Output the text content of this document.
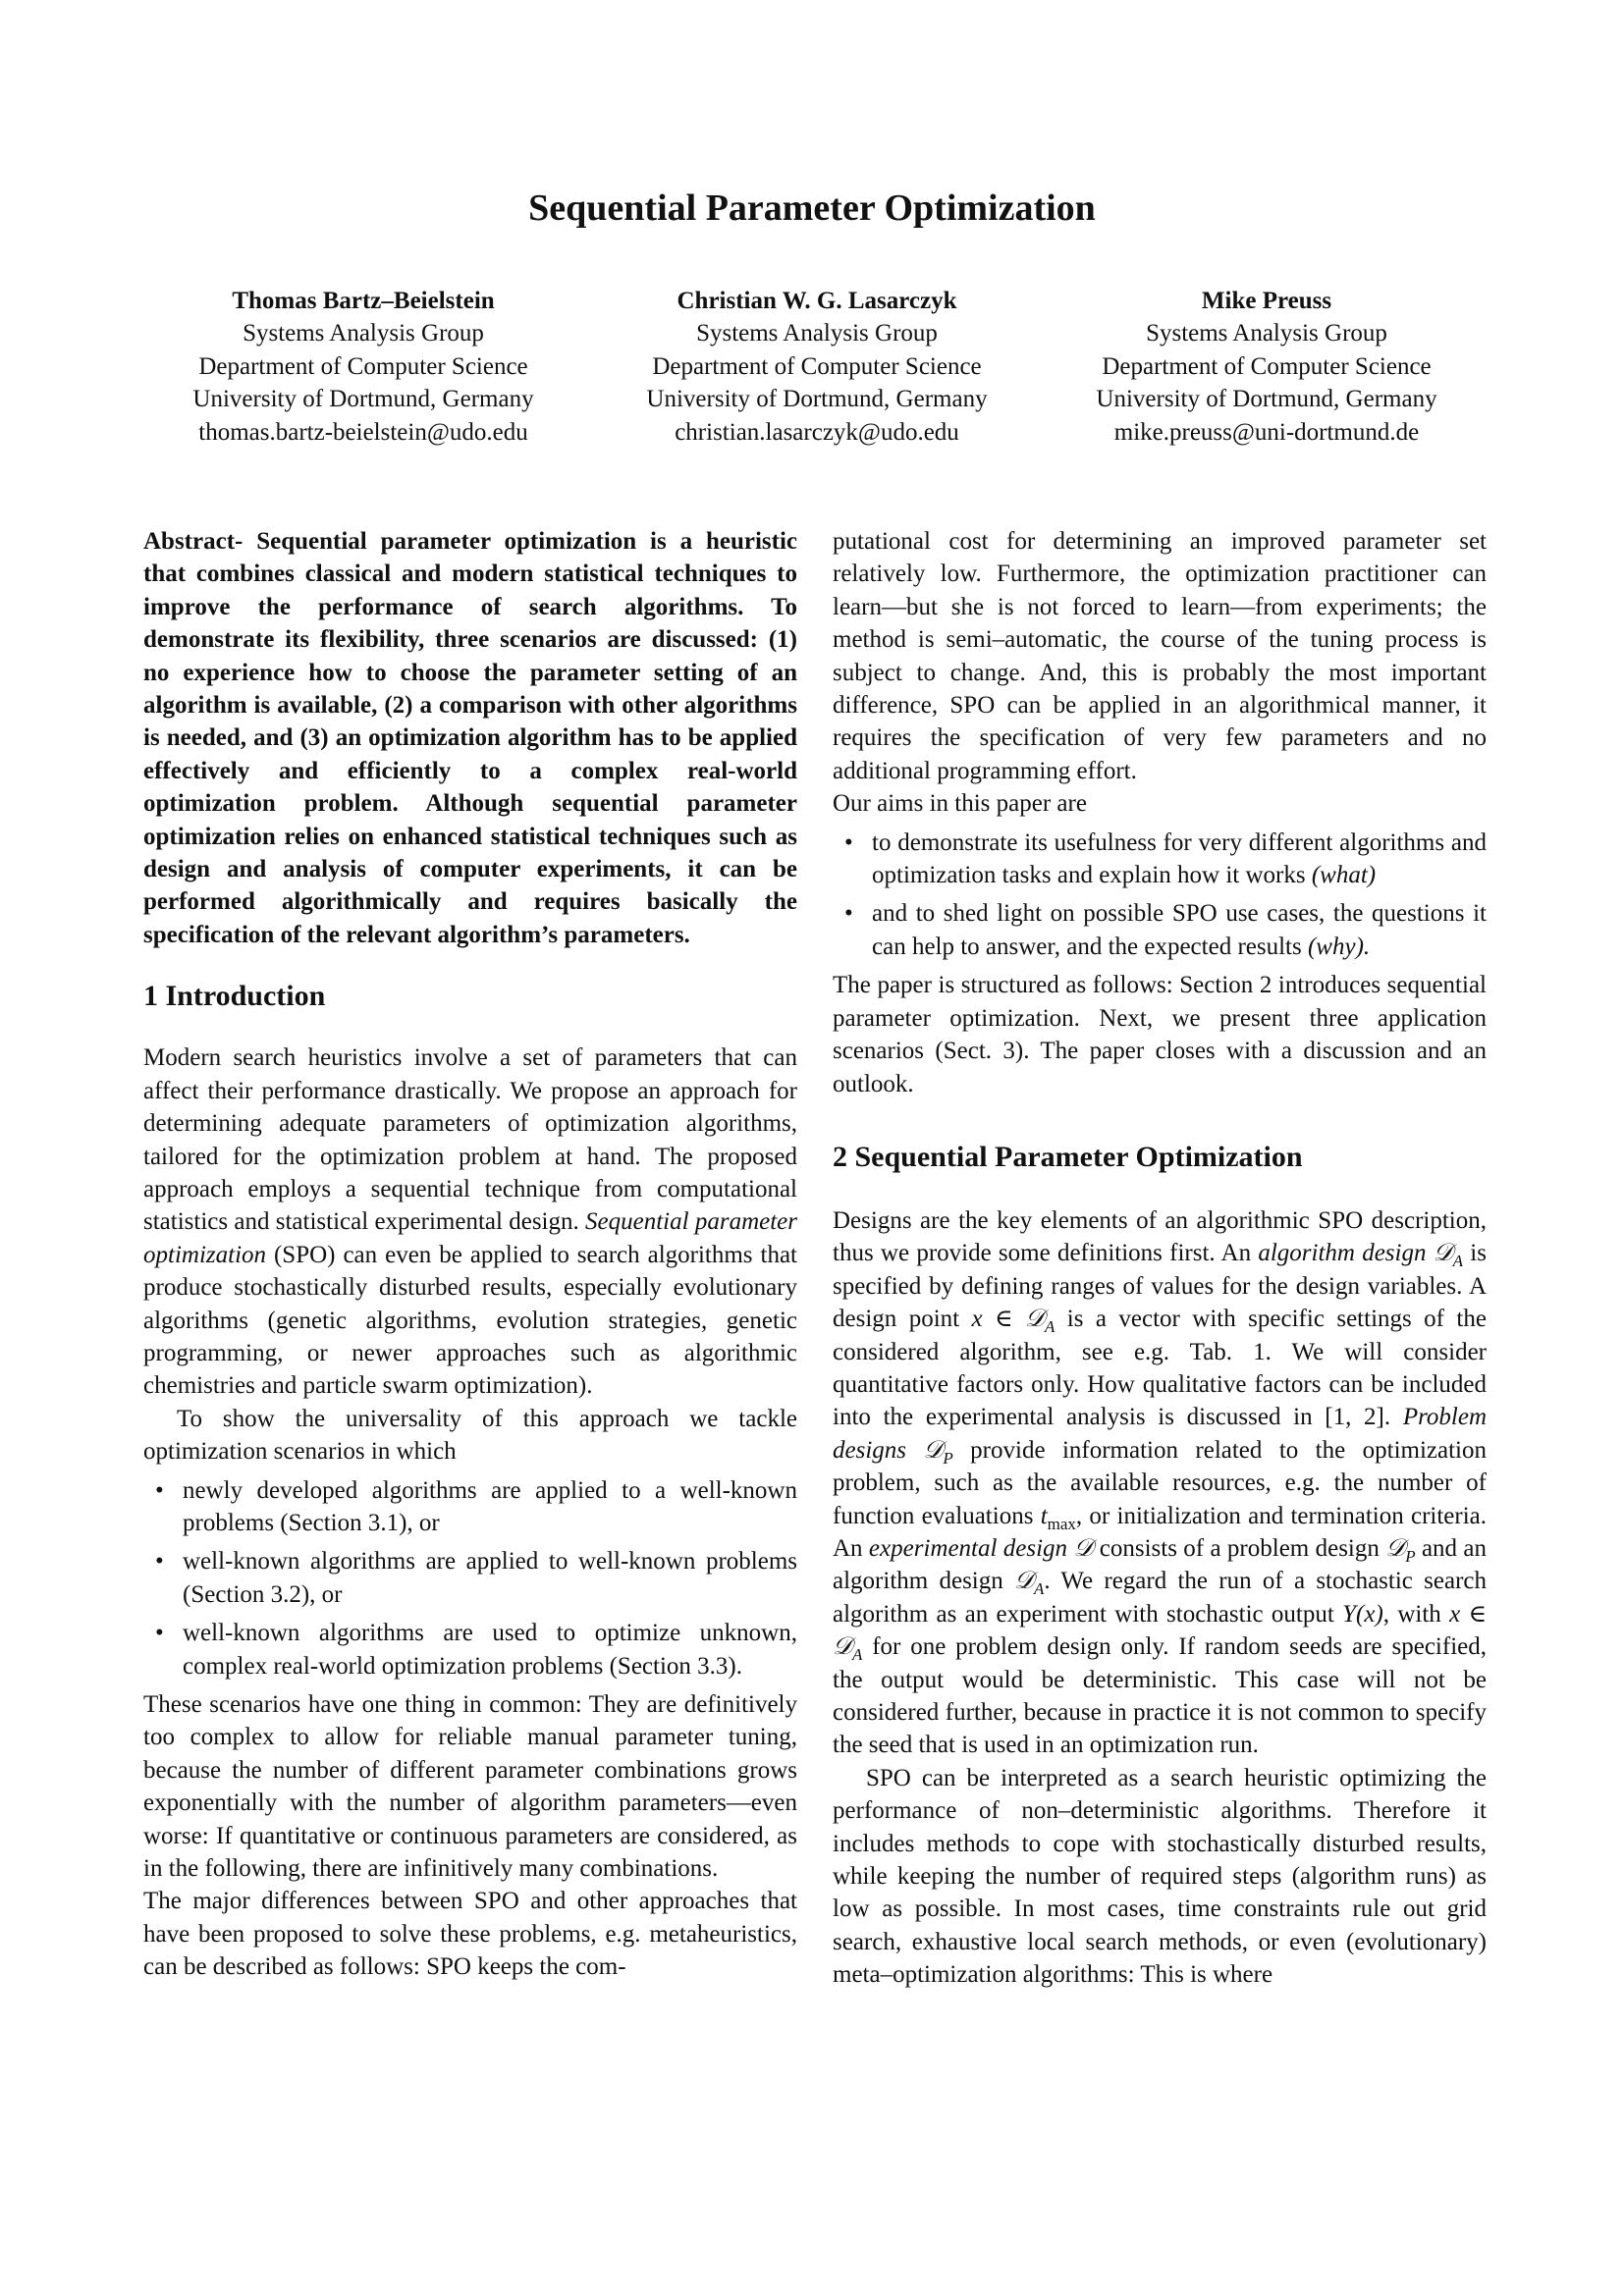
Sequential Parameter Optimization
Thomas Bartz–Beielstein
Systems Analysis Group
Department of Computer Science
University of Dortmund, Germany
thomas.bartz-beielstein@udo.edu
Christian W. G. Lasarczyk
Systems Analysis Group
Department of Computer Science
University of Dortmund, Germany
christian.lasarczyk@udo.edu
Mike Preuss
Systems Analysis Group
Department of Computer Science
University of Dortmund, Germany
mike.preuss@uni-dortmund.de

Abstract- Sequential parameter optimization is a heuristic that combines classical and modern statistical techniques to improve the performance of search algorithms. To demonstrate its flexibility, three scenarios are discussed: (1) no experience how to choose the parameter setting of an algorithm is available, (2) a comparison with other algorithms is needed, and (3) an optimization algorithm has to be applied effectively and efficiently to a complex real-world optimization problem. Although sequential parameter optimization relies on enhanced statistical techniques such as design and analysis of computer experiments, it can be performed algorithmically and requires basically the specification of the relevant algorithm’s parameters.

1 Introduction

Modern search heuristics involve a set of parameters that can affect their performance drastically. We propose an approach for determining adequate parameters of optimization algorithms, tailored for the optimization problem at hand. The proposed approach employs a sequential technique from computational statistics and statistical experimental design. Sequential parameter optimization (SPO) can even be applied to search algorithms that produce stochastically disturbed results, especially evolutionary algorithms (genetic algorithms, evolution strategies, genetic programming, or newer approaches such as algorithmic chemistries and particle swarm optimization).

To show the universality of this approach we tackle optimization scenarios in which

• newly developed algorithms are applied to a well-known problems (Section 3.1), or
• well-known algorithms are applied to well-known problems (Section 3.2), or
• well-known algorithms are used to optimize unknown, complex real-world optimization problems (Section 3.3).

These scenarios have one thing in common: They are definitively too complex to allow for reliable manual parameter tuning, because the number of different parameter combinations grows exponentially with the number of algorithm parameters—even worse: If quantitative or continuous parameters are considered, as in the following, there are infinitively many combinations.

The major differences between SPO and other approaches that have been proposed to solve these problems, e.g. metaheuristics, can be described as follows: SPO keeps the com-

putational cost for determining an improved parameter set relatively low. Furthermore, the optimization practitioner can learn—but she is not forced to learn—from experiments; the method is semi–automatic, the course of the tuning process is subject to change. And, this is probably the most important difference, SPO can be applied in an algorithmical manner, it requires the specification of very few parameters and no additional programming effort.

Our aims in this paper are

• to demonstrate its usefulness for very different algorithms and optimization tasks and explain how it works (what)
• and to shed light on possible SPO use cases, the questions it can help to answer, and the expected results (why).

The paper is structured as follows: Section 2 introduces sequential parameter optimization. Next, we present three application scenarios (Sect. 3). The paper closes with a discussion and an outlook.

2 Sequential Parameter Optimization

Designs are the key elements of an algorithmic SPO description, thus we provide some definitions first. An algorithm design 𝒟$_A$ is specified by defining ranges of values for the design variables. A design point x ∈ 𝒟$_A$ is a vector with specific settings of the considered algorithm, see e.g. Tab. 1. We will consider quantitative factors only. How qualitative factors can be included into the experimental analysis is discussed in [1, 2]. Problem designs 𝒟$_P$ provide information related to the optimization problem, such as the available resources, e.g. the number of function evaluations $t_{max}$, or initialization and termination criteria. An experimental design 𝒟 consists of a problem design 𝒟$_P$ and an algorithm design 𝒟$_A$. We regard the run of a stochastic search algorithm as an experiment with stochastic output Y(x), with x ∈ 𝒟$_A$ for one problem design only. If random seeds are specified, the output would be deterministic. This case will not be considered further, because in practice it is not common to specify the seed that is used in an optimization run.

SPO can be interpreted as a search heuristic optimizing the performance of non–deterministic algorithms. Therefore it includes methods to cope with stochastically disturbed results, while keeping the number of required steps (algorithm runs) as low as possible. In most cases, time constraints rule out grid search, exhaustive local search methods, or even (evolutionary) meta–optimization algorithms: This is where
